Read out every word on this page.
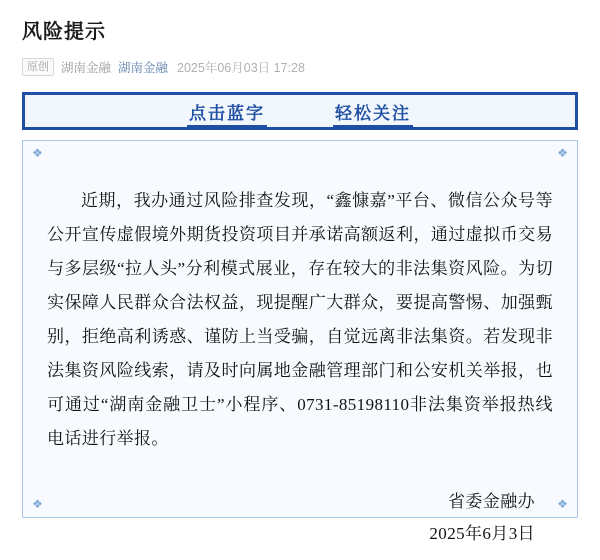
风险提示
原创 湖南金融 湖南金融 2025年06月03日 17:28
点击蓝字	轻松关注
❖	❖

近期，我办通过风险排查发现，“鑫慷嘉”平台、微信公众号等公开宣传虚假境外期货投资项目并承诺高额返利，通过虚拟币交易与多层级“拉人头”分利模式展业，存在较大的非法集资风险。为切实保障人民群众合法权益，现提醒广大群众，要提高警惕、加强甄别，拒绝高利诱惑、谨防上当受骗，自觉远离非法集资。若发现非法集资风险线索，请及时向属地金融管理部门和公安机关举报，也可通过“湖南金融卫士”小程序、0731-85198110非法集资举报热线电话进行举报。

省委金融办
2025年6月3日
❖	❖
